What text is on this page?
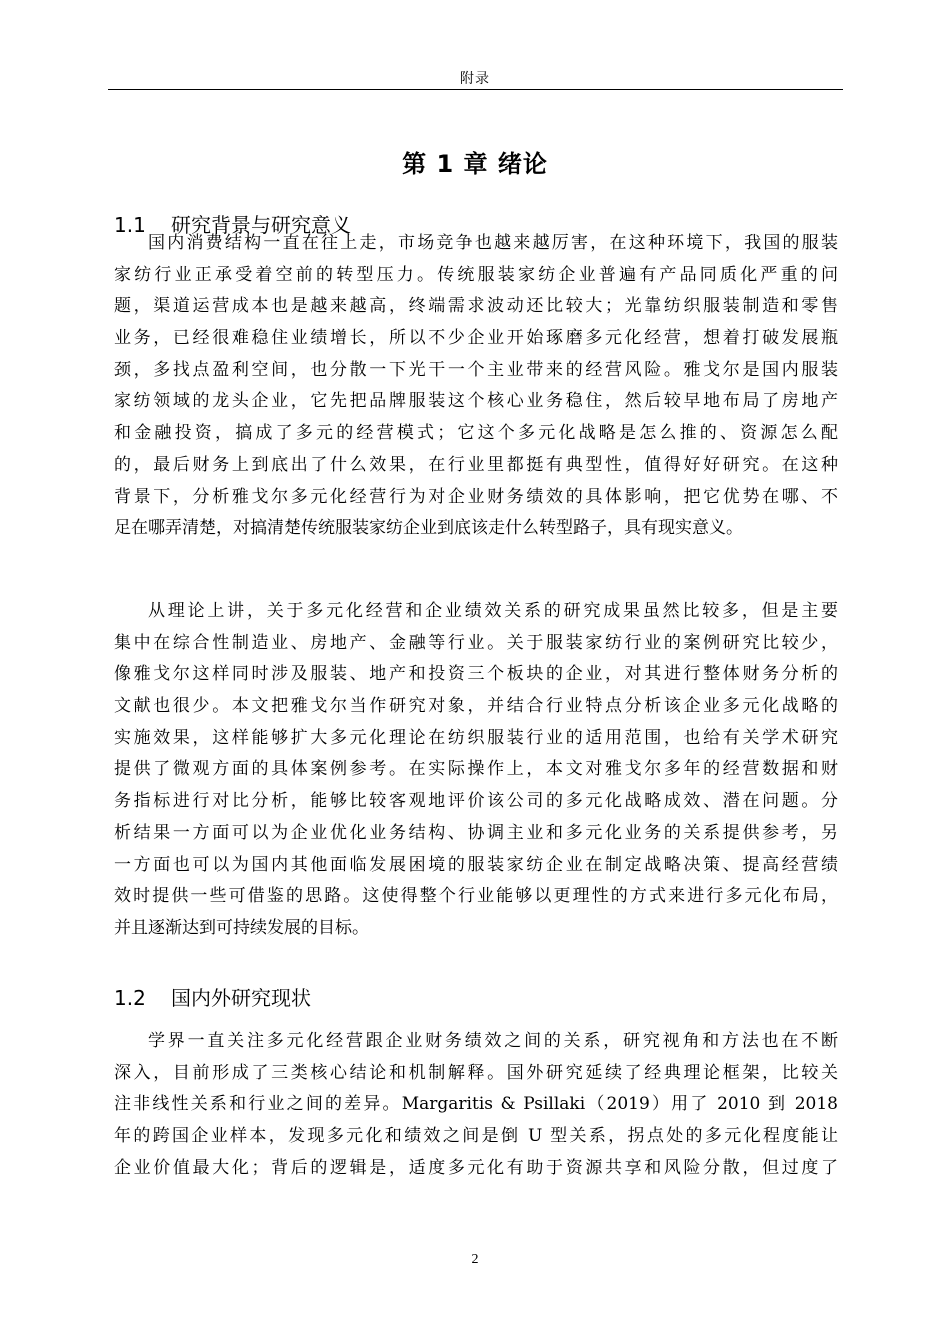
附录
第 1 章 绪论
1.1 研究背景与研究意义
国内消费结构一直在往上走，市场竞争也越来越厉害，在这种环境下，我国的服装
家纺行业正承受着空前的转型压力。传统服装家纺企业普遍有产品同质化严重的问
题，渠道运营成本也是越来越高，终端需求波动还比较大；光靠纺织服装制造和零售
业务，已经很难稳住业绩增长，所以不少企业开始琢磨多元化经营，想着打破发展瓶
颈，多找点盈利空间，也分散一下光干一个主业带来的经营风险。雅戈尔是国内服装
家纺领域的龙头企业，它先把品牌服装这个核心业务稳住，然后较早地布局了房地产
和金融投资，搞成了多元的经营模式；它这个多元化战略是怎么推的、资源怎么配
的，最后财务上到底出了什么效果，在行业里都挺有典型性，值得好好研究。在这种
背景下，分析雅戈尔多元化经营行为对企业财务绩效的具体影响，把它优势在哪、不
足在哪弄清楚，对搞清楚传统服装家纺企业到底该走什么转型路子，具有现实意义。
从理论上讲，关于多元化经营和企业绩效关系的研究成果虽然比较多，但是主要
集中在综合性制造业、房地产、金融等行业。关于服装家纺行业的案例研究比较少，
像雅戈尔这样同时涉及服装、地产和投资三个板块的企业，对其进行整体财务分析的
文献也很少。本文把雅戈尔当作研究对象，并结合行业特点分析该企业多元化战略的
实施效果，这样能够扩大多元化理论在纺织服装行业的适用范围，也给有关学术研究
提供了微观方面的具体案例参考。在实际操作上，本文对雅戈尔多年的经营数据和财
务指标进行对比分析，能够比较客观地评价该公司的多元化战略成效、潜在问题。分
析结果一方面可以为企业优化业务结构、协调主业和多元化业务的关系提供参考，另
一方面也可以为国内其他面临发展困境的服装家纺企业在制定战略决策、提高经营绩
效时提供一些可借鉴的思路。这使得整个行业能够以更理性的方式来进行多元化布局，
并且逐渐达到可持续发展的目标。
1.2 国内外研究现状
学界一直关注多元化经营跟企业财务绩效之间的关系，研究视角和方法也在不断
深入，目前形成了三类核心结论和机制解释。国外研究延续了经典理论框架，比较关
注非线性关系和行业之间的差异。Margaritis & Psillaki（2019）用了 2010 到 2018
年的跨国企业样本，发现多元化和绩效之间是倒 U 型关系，拐点处的多元化程度能让
企业价值最大化；背后的逻辑是，适度多元化有助于资源共享和风险分散，但过度了
2
